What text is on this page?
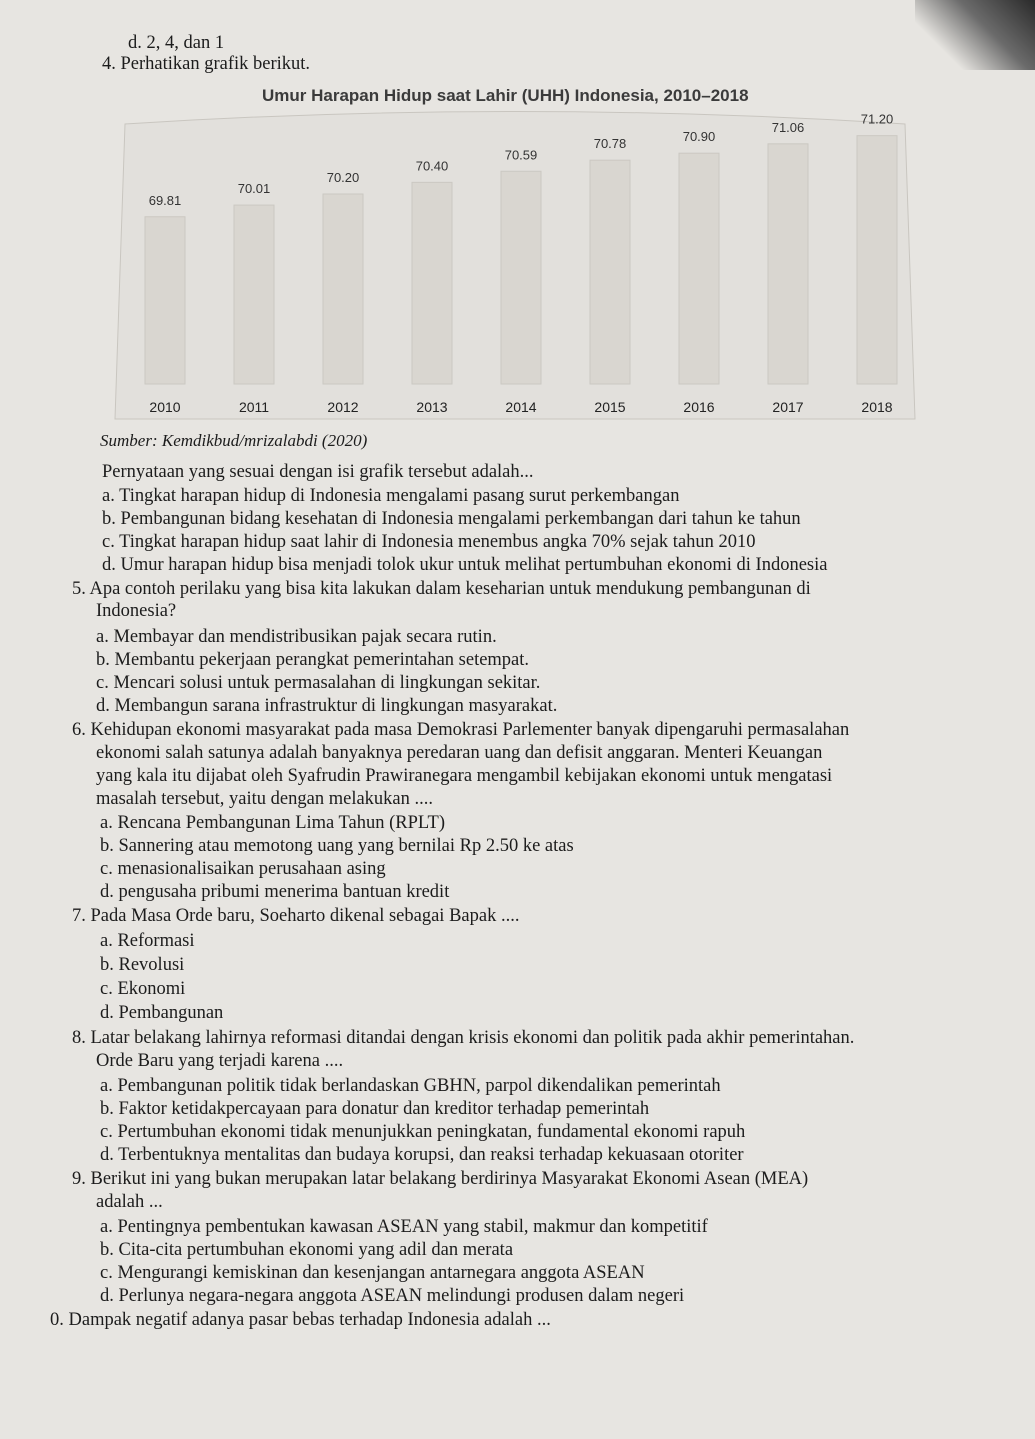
d. 2, 4, dan 1
4. Perhatikan grafik berikut.
Umur Harapan Hidup saat Lahir (UHH) Indonesia, 2010–2018
69.81
70.01
70.20
70.40
70.59
70.78	70.90
71.06
71.20
2010	2011	2012	2013	2014	2015	2016	2017	2018
Sumber: Kemdikbud/mrizalabdi (2020)
Pernyataan yang sesuai dengan isi grafik tersebut adalah...
a. Tingkat harapan hidup di Indonesia mengalami pasang surut perkembangan
b. Pembangunan bidang kesehatan di Indonesia mengalami perkembangan dari tahun ke tahun
c. Tingkat harapan hidup saat lahir di Indonesia menembus angka 70% sejak tahun 2010
d. Umur harapan hidup bisa menjadi tolok ukur untuk melihat pertumbuhan ekonomi di Indonesia
5. Apa contoh perilaku yang bisa kita lakukan dalam keseharian untuk mendukung pembangunan di
Indonesia?
a. Membayar dan mendistribusikan pajak secara rutin.
b. Membantu pekerjaan perangkat pemerintahan setempat.
c. Mencari solusi untuk permasalahan di lingkungan sekitar.
d. Membangun sarana infrastruktur di lingkungan masyarakat.
6. Kehidupan ekonomi masyarakat pada masa Demokrasi Parlementer banyak dipengaruhi permasalahan
ekonomi salah satunya adalah banyaknya peredaran uang dan defisit anggaran. Menteri Keuangan
yang kala itu dijabat oleh Syafrudin Prawiranegara mengambil kebijakan ekonomi untuk mengatasi
masalah tersebut, yaitu dengan melakukan ....
a. Rencana Pembangunan Lima Tahun (RPLT)
b. Sannering atau memotong uang yang bernilai Rp 2.50 ke atas
c. menasionalisaikan perusahaan asing
d. pengusaha pribumi menerima bantuan kredit
7. Pada Masa Orde baru, Soeharto dikenal sebagai Bapak ....
a. Reformasi
b. Revolusi
c. Ekonomi
d. Pembangunan
8. Latar belakang lahirnya reformasi ditandai dengan krisis ekonomi dan politik pada akhir pemerintahan.
Orde Baru yang terjadi karena ....
a. Pembangunan politik tidak berlandaskan GBHN, parpol dikendalikan pemerintah
b. Faktor ketidakpercayaan para donatur dan kreditor terhadap pemerintah
c. Pertumbuhan ekonomi tidak menunjukkan peningkatan, fundamental ekonomi rapuh
d. Terbentuknya mentalitas dan budaya korupsi, dan reaksi terhadap kekuasaan otoriter
9. Berikut ini yang bukan merupakan latar belakang berdirinya Masyarakat Ekonomi Asean (MEA)
adalah ...
a. Pentingnya pembentukan kawasan ASEAN yang stabil, makmur dan kompetitif
b. Cita-cita pertumbuhan ekonomi yang adil dan merata
c. Mengurangi kemiskinan dan kesenjangan antarnegara anggota ASEAN
d. Perlunya negara-negara anggota ASEAN melindungi produsen dalam negeri
0. Dampak negatif adanya pasar bebas terhadap Indonesia adalah ...
